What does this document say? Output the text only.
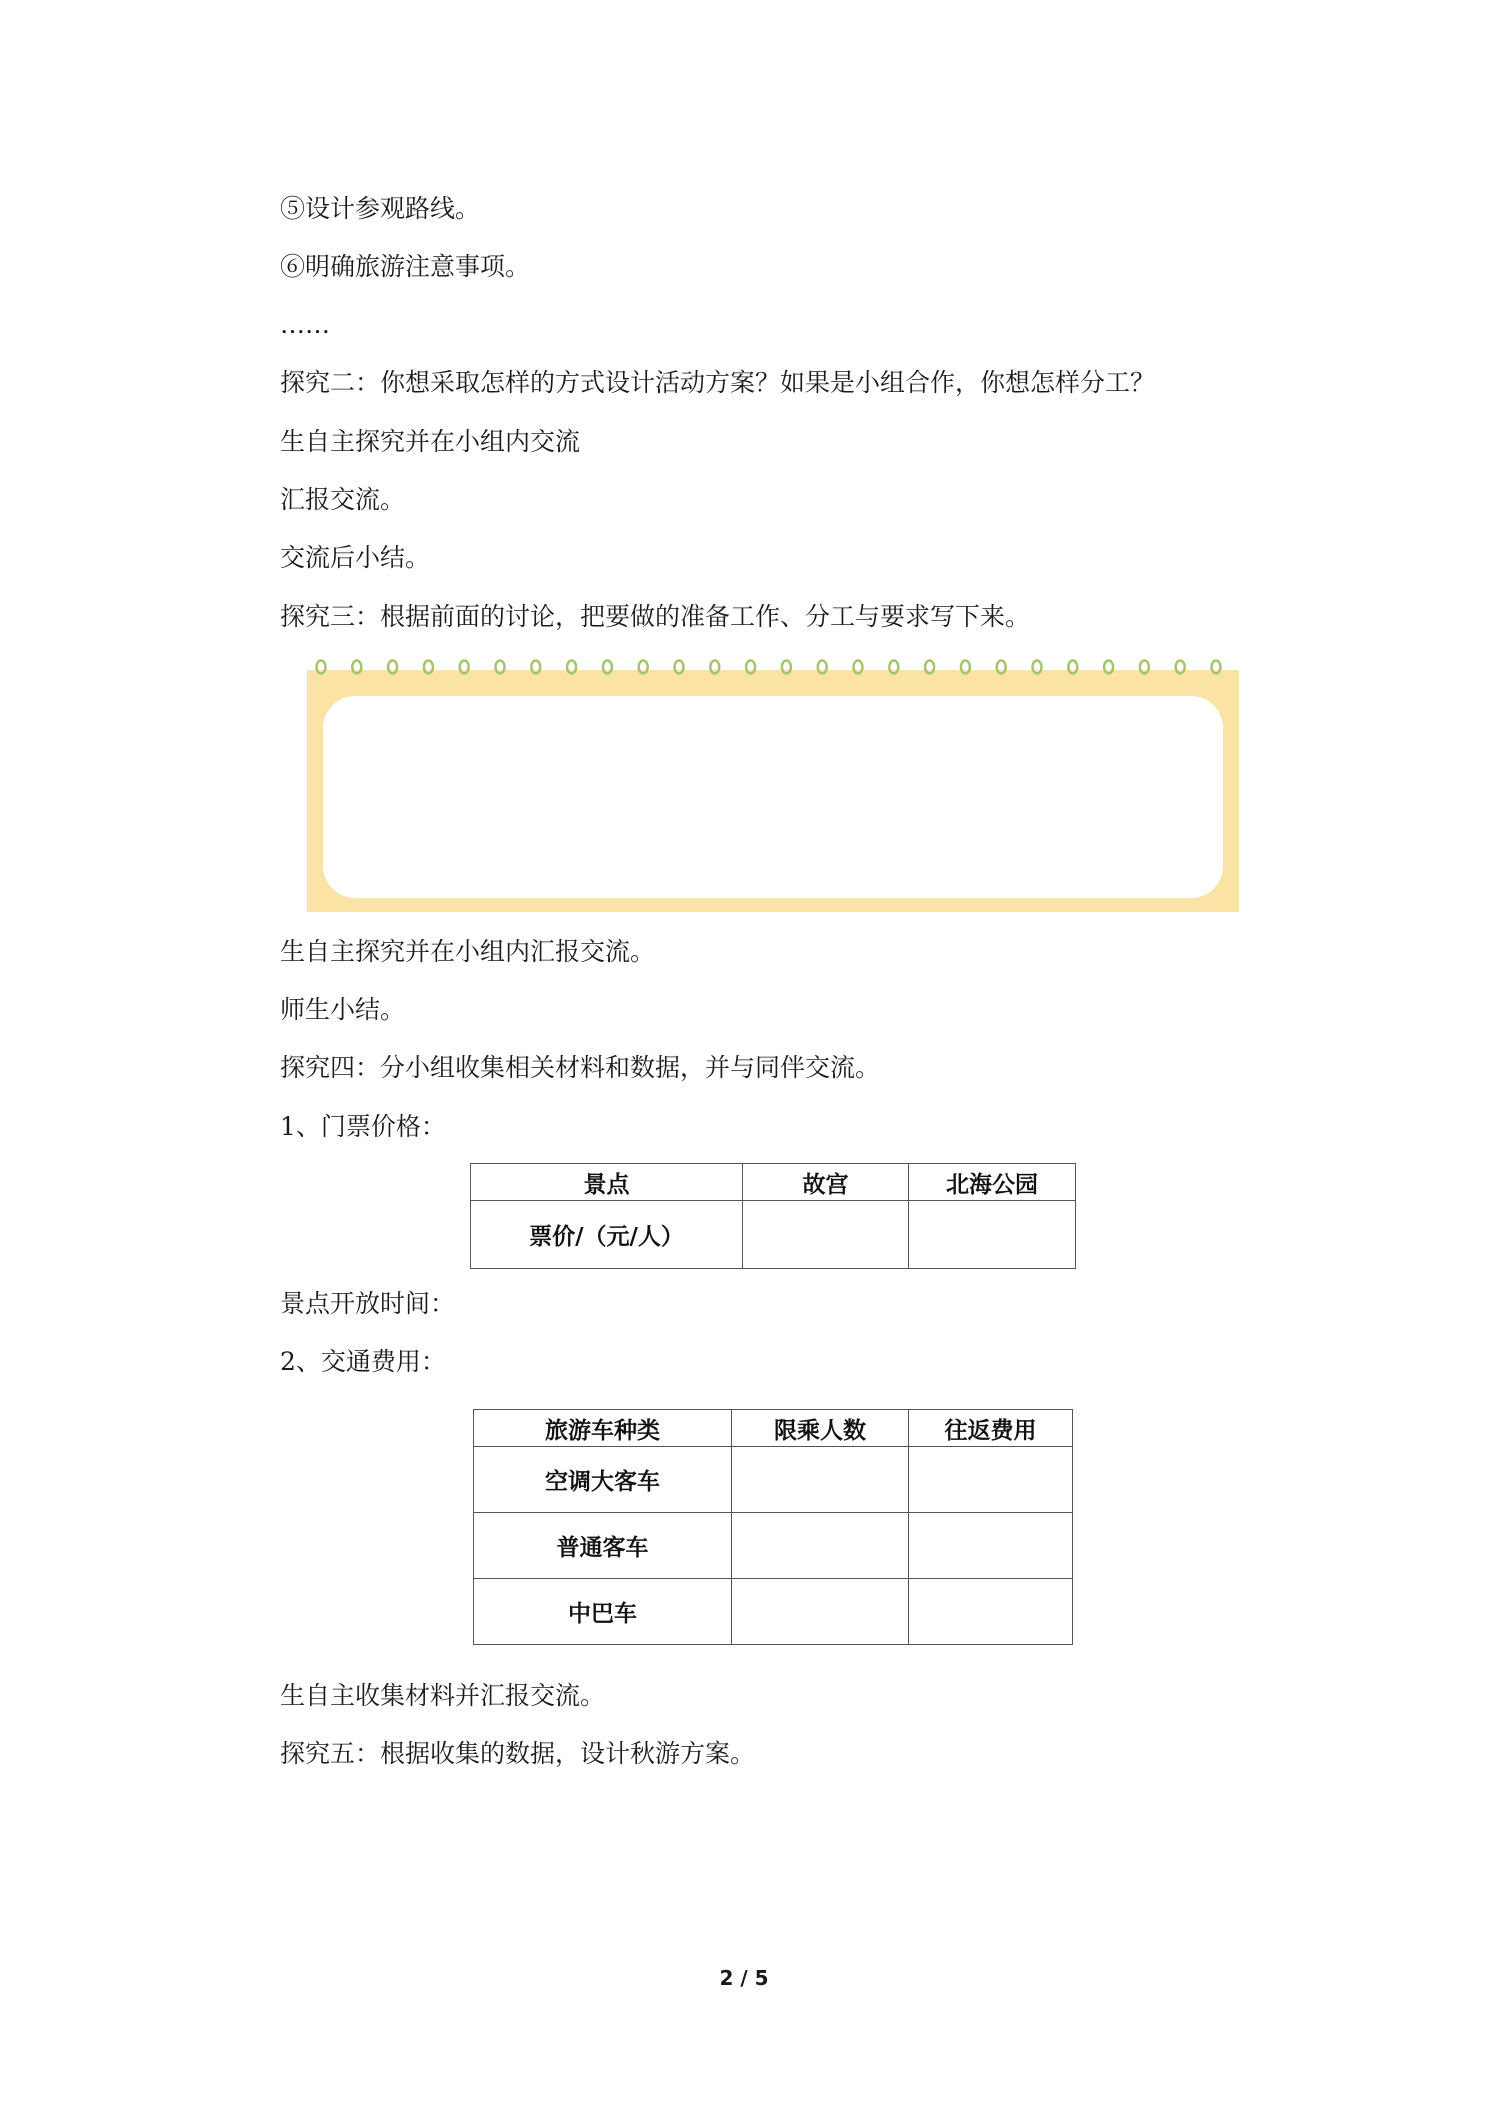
⑤设计参观路线。
⑥明确旅游注意事项。
……
探究二：你想采取怎样的方式设计活动方案？如果是小组合作，你想怎样分工？
生自主探究并在小组内交流
汇报交流。
交流后小结。
探究三：根据前面的讨论，把要做的准备工作、分工与要求写下来。
生自主探究并在小组内汇报交流。
师生小结。
探究四：分小组收集相关材料和数据，并与同伴交流。
1、门票价格：
景点	故宫	北海公园
票价/（元/人）		
景点开放时间：
2、交通费用：
旅游车种类	限乘人数	往返费用
空调大客车		
普通客车		
中巴车		
生自主收集材料并汇报交流。
探究五：根据收集的数据，设计秋游方案。
2 / 5
